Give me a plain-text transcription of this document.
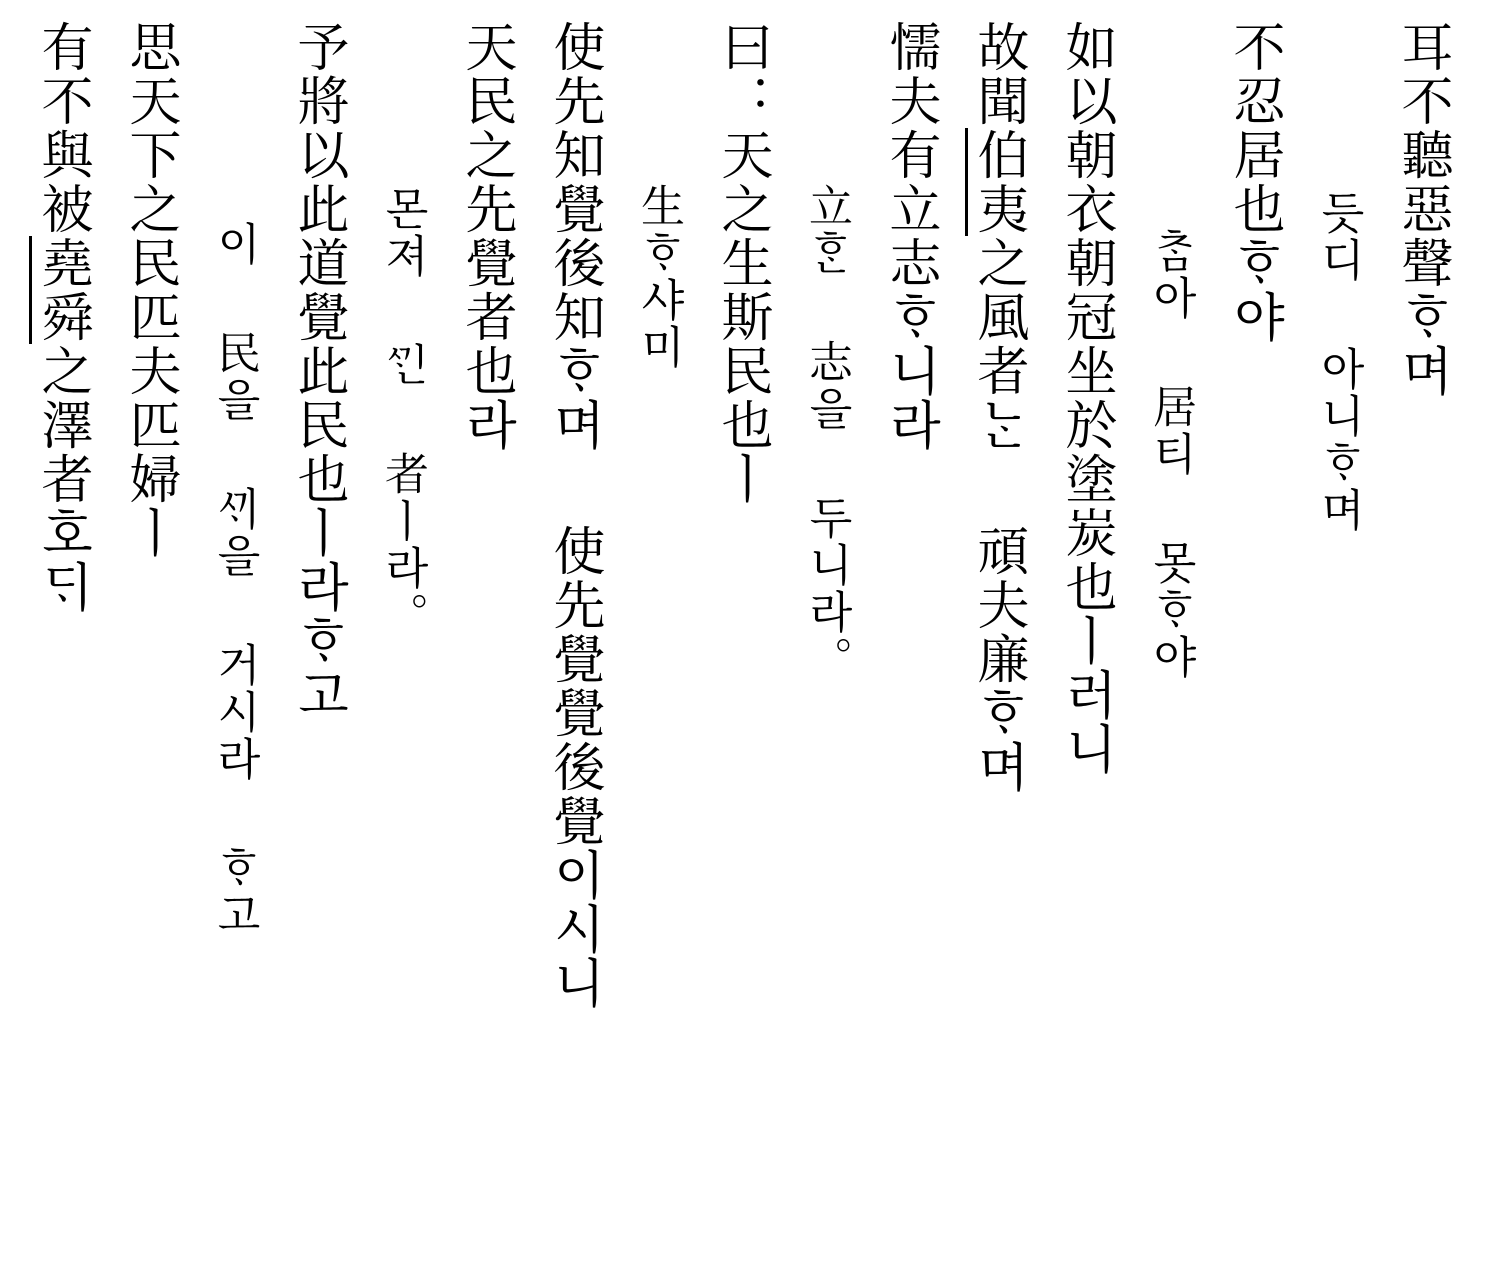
耳不聽惡聲ᄒᆞ며
듯디 아니ᄒᆞ며
不忍居也ᄒᆞ야
ᄎᆞᆷ아 居티 못ᄒᆞ야
如以朝衣朝冠坐於塗炭也ㅣ러니
故聞伯夷之風者ᄂᆞᆫ 頑夫廉ᄒᆞ며
懦夫有立志ᄒᆞ니라
立ᄒᆞᆫ 志을 두니라。
曰：天之生斯民也ㅣ
生ᄒᆞ샤미
使先知覺後知ᄒᆞ며 使先覺覺後覺이시니
天民之先覺者也라
몬져 ᄭᆡᆫ 者ㅣ라。
予將以此道覺此民也ㅣ라ᄒᆞ고
이 民을 ᄭᆡ을 거시라 ᄒᆞ고
思天下之民匹夫匹婦ㅣ
有不與被堯舜之澤者호ᄃᆡ
